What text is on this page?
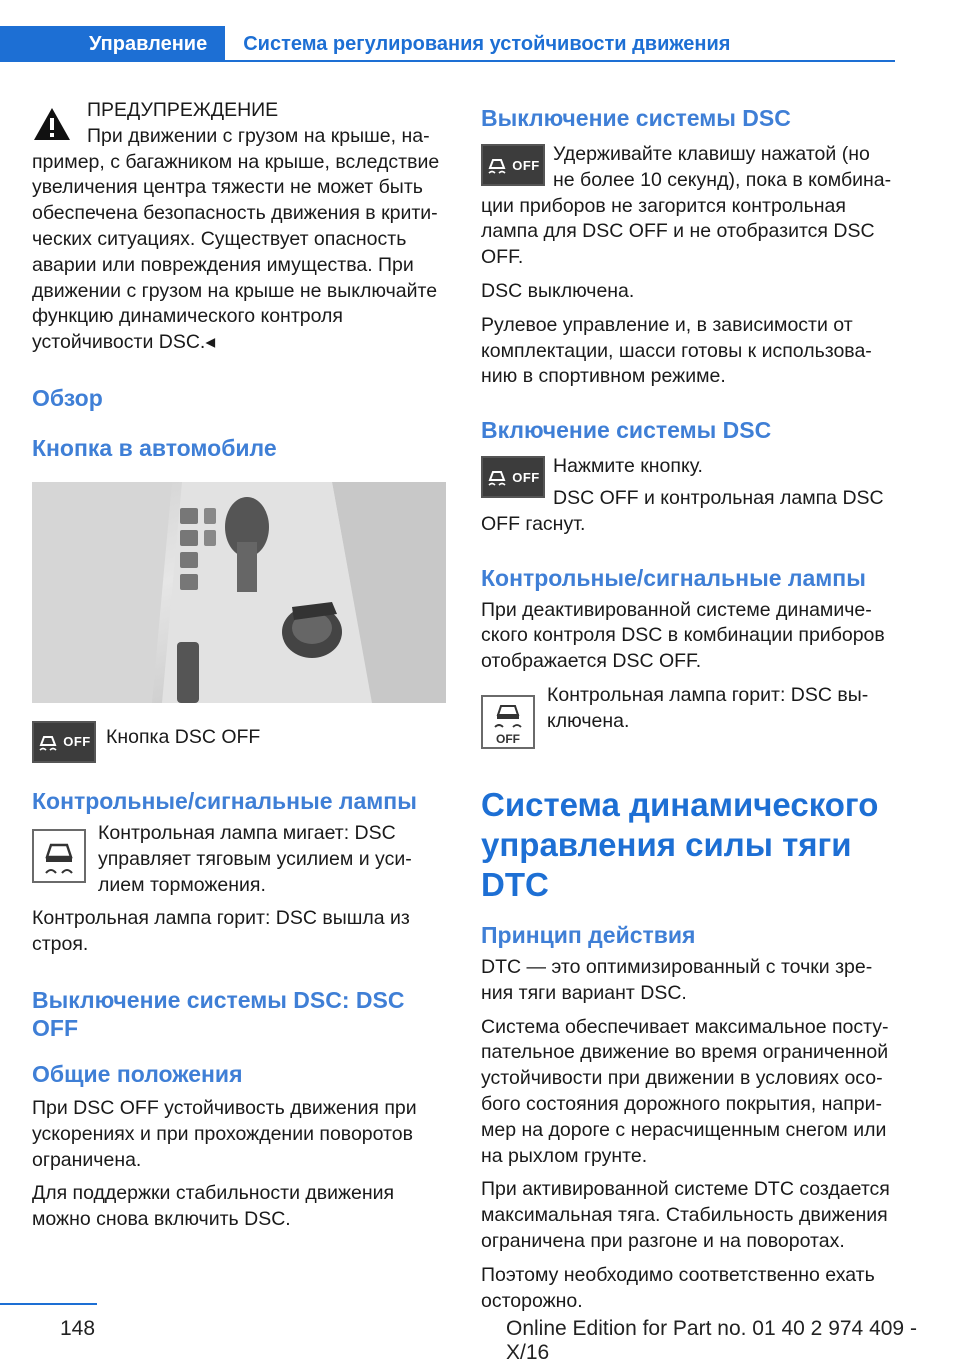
Управление	Система регулирования устойчивости движения

ПРЕДУПРЕЖДЕНИЕ

При движении с грузом на крыше, на-

пример, с багажником на крыше, вследствие увеличения центра тяжести не может быть обеспечена безопасность движения в критических ситуациях. Существует опасность аварии или повреждения имущества. При движении с грузом на крыше не выключайте функцию динамического контроля устойчивости DSC.◂

Обзор
Кнопка в автомобиле
OFF Кнопка DSC OFF

Контрольные/сигнальные лампы

Контрольная лампа мигает: DSC управляет тяговым усилием и усилием торможения.

Контрольная лампа горит: DSC вышла из строя.

Выключение системы DSC: DSC OFF
Общие положения

При DSC OFF устойчивость движения при ускорениях и при прохождении поворотов ограничена.

Для поддержки стабильности движения можно снова включить DSC.

Выключение системы DSC
OFF Удерживайте клавишу нажатой (но не более 10 секунд), пока в комбина-

ции приборов не загорится контрольная лампа для DSC OFF и не отобразится DSC OFF.

DSC выключена.

Рулевое управление и, в зависимости от комплектации, шасси готовы к использованию в спортивном режиме.

Включение системы DSC
OFF Нажмите кнопку.

DSC OFF и контрольная лампа DSC

OFF гаснут.

Контрольные/сигнальные лампы

При деактивированной системе динамического контроля DSC в комбинации приборов отображается DSC OFF.

OFF

Контрольная лампа горит: DSC выключена.

Система динамического управления силы тяги DTC
Принцип действия

DTC — это оптимизированный с точки зрения тяги вариант DSC.

Система обеспечивает максимальное поступательное движение во время ограниченной устойчивости при движении в условиях особого состояния дорожного покрытия, например на дороге с нерасчищенным снегом или на рыхлом грунте.

При активированной системе DTC создается максимальная тяга. Стабильность движения ограничена при разгоне и на поворотах.

Поэтому необходимо соответственно ехать осторожно.

148	Online Edition for Part no. 01 40 2 974 409 - X/16
